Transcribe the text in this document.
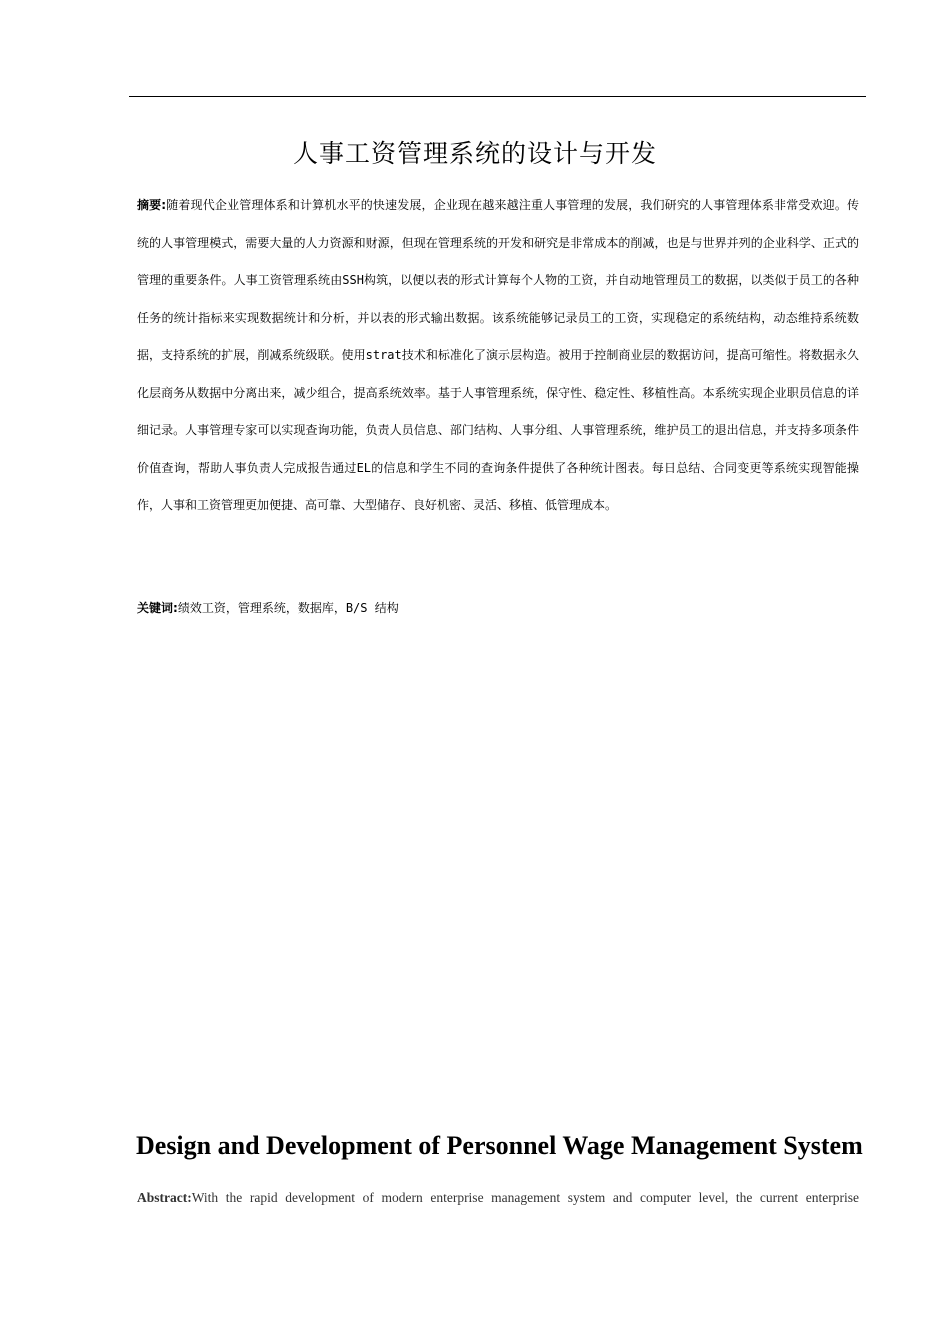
人事工资管理系统的设计与开发
摘要:随着现代企业管理体系和计算机水平的快速发展，企业现在越来越注重人事管理的发展，我们研究的人事管理体系非常受欢迎。传统的人事管理模式，需要大量的人力资源和财源，但现在管理系统的开发和研究是非常成本的削减，也是与世界并列的企业科学、正式的管理的重要条件。人事工资管理系统由SSH构筑，以便以表的形式计算每个人物的工资，并自动地管理员工的数据，以类似于员工的各种任务的统计指标来实现数据统计和分析，并以表的形式输出数据。该系统能够记录员工的工资，实现稳定的系统结构，动态维持系统数据，支持系统的扩展，削减系统级联。使用strat技术和标准化了演示层构造。被用于控制商业层的数据访问，提高可缩性。将数据永久化层商务从数据中分离出来，减少组合，提高系统效率。基于人事管理系统，保守性、稳定性、移植性高。本系统实现企业职员信息的详细记录。人事管理专家可以实现查询功能，负责人员信息、部门结构、人事分组、人事管理系统，维护员工的退出信息，并支持多项条件价值查询，帮助人事负责人完成报告通过EL的信息和学生不同的查询条件提供了各种统计图表。每日总结、合同变更等系统实现智能操作，人事和工资管理更加便捷、高可靠、大型储存、良好机密、灵活、移植、低管理成本。
关键词:绩效工资，管理系统，数据库，B/S 结构
Design and Development of Personnel Wage Management System
Abstract:With the rapid development of modern enterprise management system and computer level, the current enterprise
